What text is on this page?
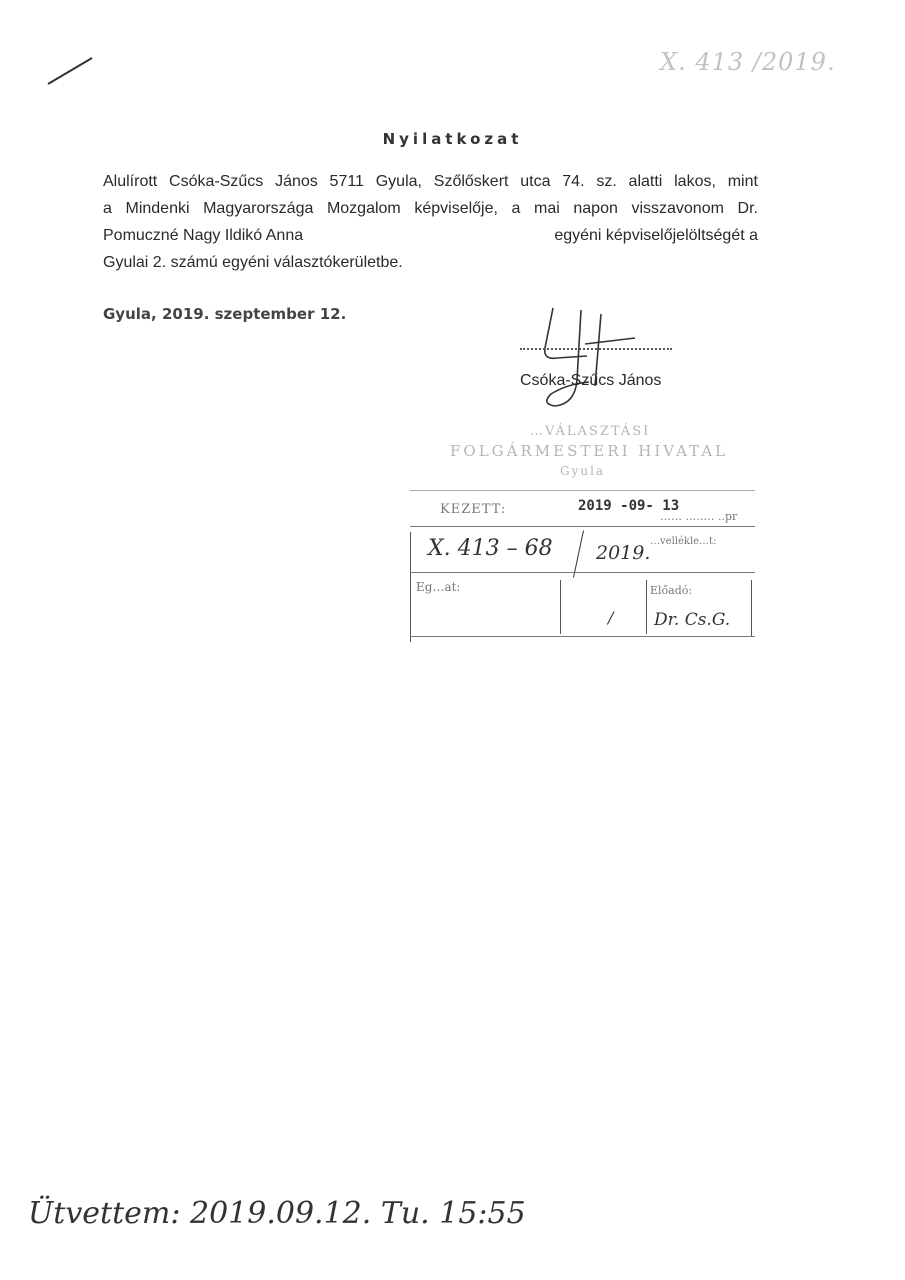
X. 413 /2019.
Nyilatkozat
Alulírott Csóka-Szűcs János 5711 Gyula, Szőlőskert utca 74. sz. alatti lakos, mint
a Mindenki Magyarországa Mozgalom képviselője, a mai napon visszavonom Dr.
Pomuczné Nagy Ildikó Anna	egyéni képviselőjelöltségét a
Gyulai 2. számú egyéni választókerületbe.
Gyula, 2019. szeptember 12.
Csóka-Szűcs János
…VÁLASZTÁSI
FOLGÁRMESTERI HIVATAL
Gyula
KEZETT:	2019 -09- 13
…… ..…… ..pr
X. 413 – 68 2019.
…vellékle…t:
Eg…at:	Előadó:
/ Dr. Cs.G.
Ütvettem: 2019.09.12. Tu. 15:55
